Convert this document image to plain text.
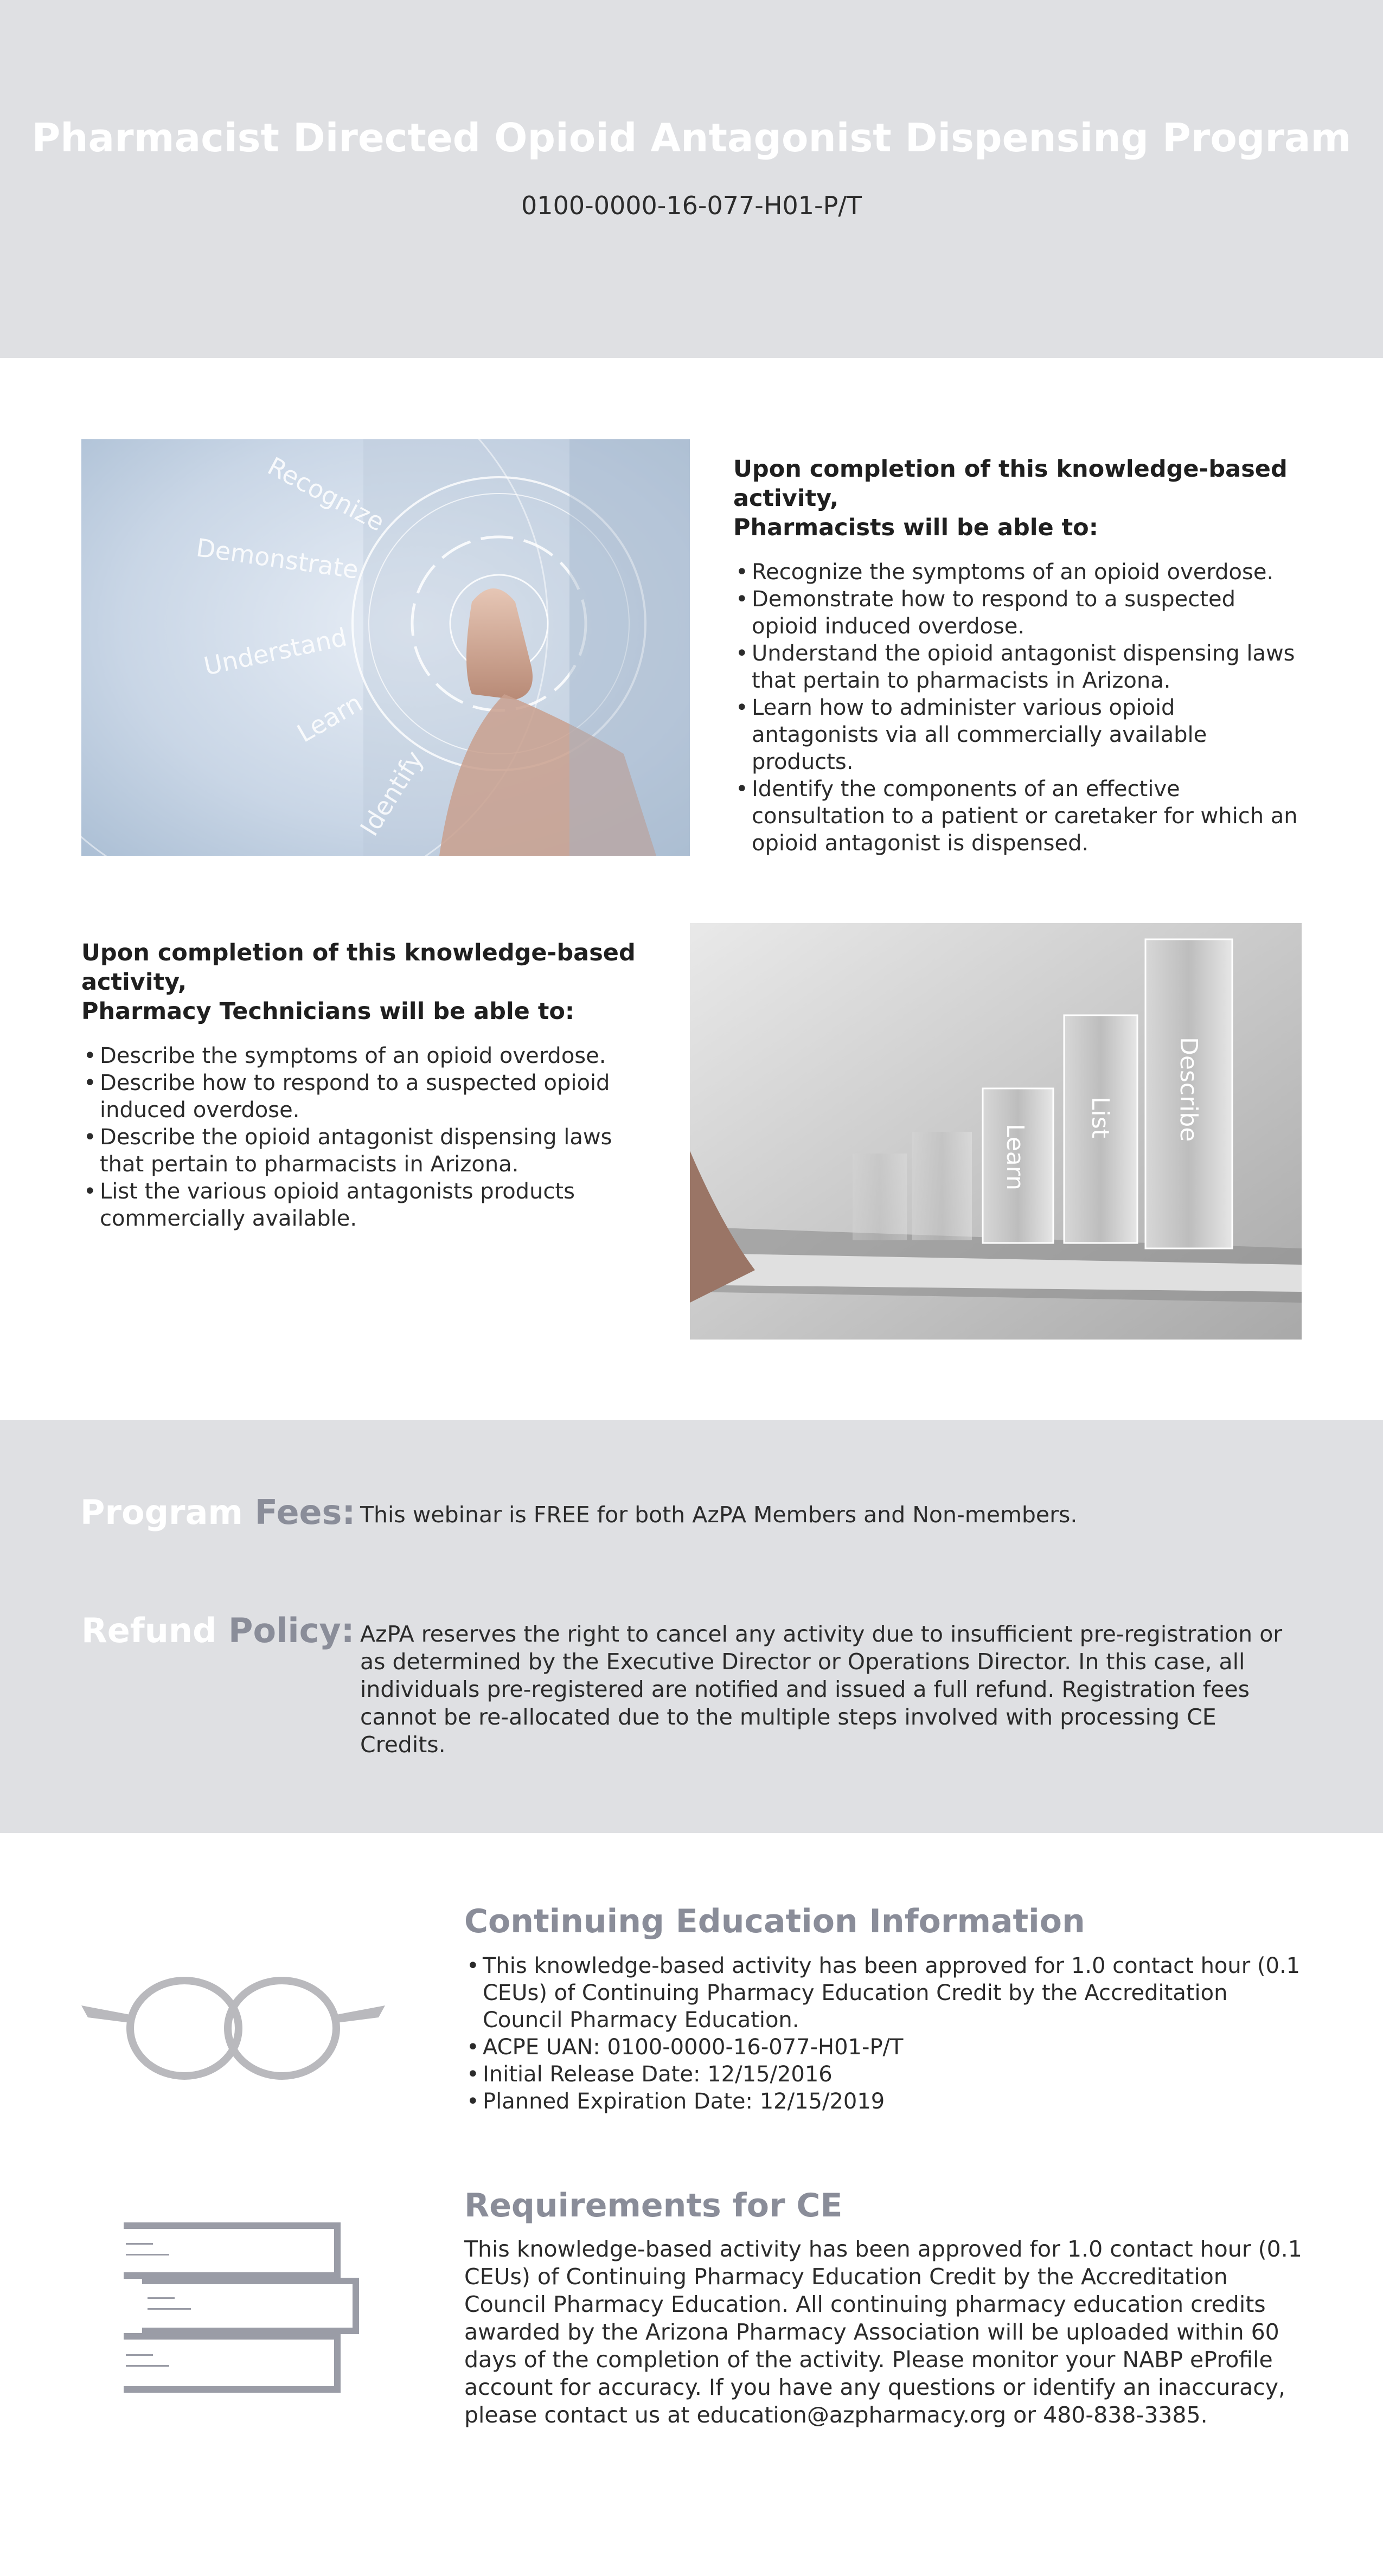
Pharmacist Directed Opioid Antagonist Dispensing Program
0100-0000-16-077-H01-P/T
Recognize
Demonstrate
Understand
Learn
Identify
Upon completion of this knowledge-based activity,
Pharmacists will be able to:
• Recognize the symptoms of an opioid overdose.
• Demonstrate how to respond to a suspected opioid induced overdose.
• Understand the opioid antagonist dispensing laws that pertain to pharmacists in Arizona.
• Learn how to administer various opioid antagonists via all commercially available products.
• Identify the components of an effective consultation to a patient or caretaker for which an opioid antagonist is dispensed.
Upon completion of this knowledge-based activity,
Pharmacy Technicians will be able to:
• Describe the symptoms of an opioid overdose.
• Describe how to respond to a suspected opioid induced overdose.
• Describe the opioid antagonist dispensing laws that pertain to pharmacists in Arizona.
• List the various opioid antagonists products commercially available.
Learn
List	Describe
Program Fees: This webinar is FREE for both AzPA Members and Non-members.
Refund Policy: AzPA reserves the right to cancel any activity due to insufficient pre-registration or as determined by the Executive Director or Operations Director. In this case, all individuals pre-registered are notified and issued a full refund. Registration fees cannot be re-allocated due to the multiple steps involved with processing CE Credits.
Continuing Education Information
• This knowledge-based activity has been approved for 1.0 contact hour (0.1 CEUs) of Continuing Pharmacy Education Credit by the Accreditation Council Pharmacy Education.
• ACPE UAN: 0100-0000-16-077-H01-P/T
• Initial Release Date: 12/15/2016
• Planned Expiration Date: 12/15/2019
Requirements for CE
This knowledge-based activity has been approved for 1.0 contact hour (0.1 CEUs) of Continuing Pharmacy Education Credit by the Accreditation Council Pharmacy Education. All continuing pharmacy education credits awarded by the Arizona Pharmacy Association will be uploaded within 60 days of the completion of the activity. Please monitor your NABP eProfile account for accuracy. If you have any questions or identify an inaccuracy, please contact us at education@azpharmacy.org or 480-838-3385.
